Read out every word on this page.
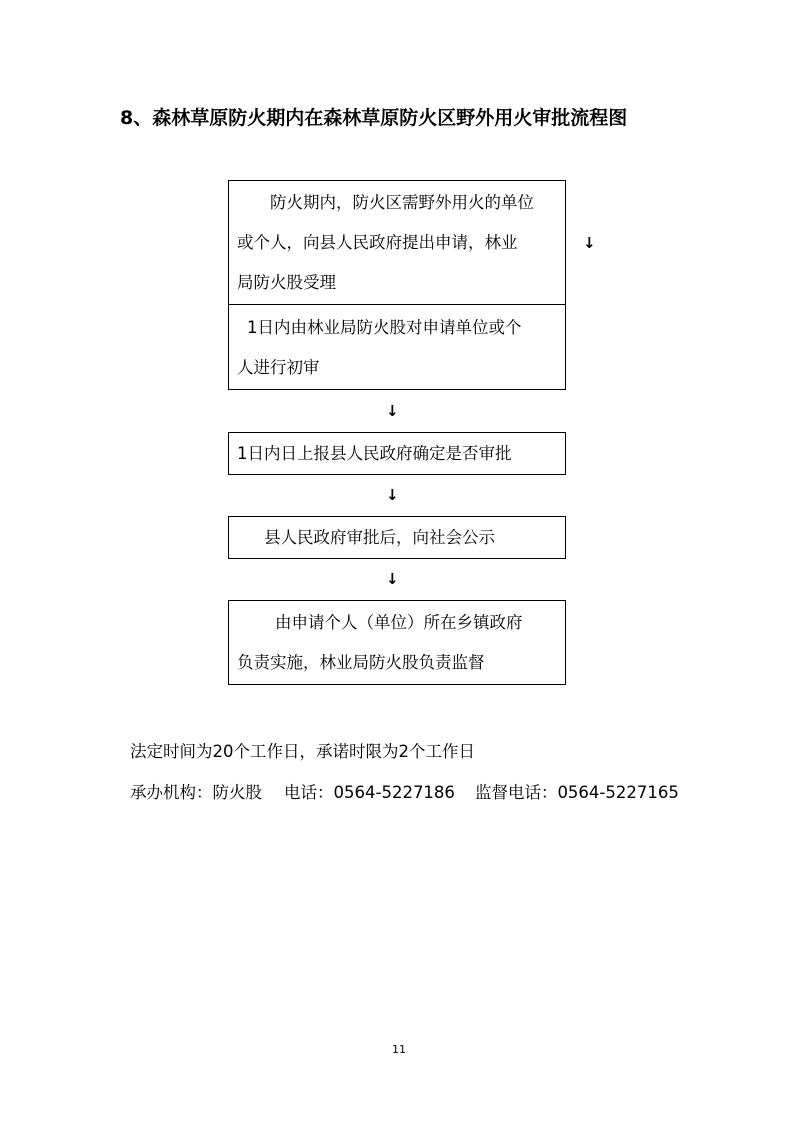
8、森林草原防火期内在森林草原防火区野外用火审批流程图

防火期内，防火区需野外用火的单位

或个人，向县人民政府提出申请，林业

局防火股受理

↓

1日内由林业局防火股对申请单位或个

人进行初审

↓

1日内日上报县人民政府确定是否审批

↓

县人民政府审批后，向社会公示

↓

由申请个人（单位）所在乡镇政府

负责实施，林业局防火股负责监督

法定时间为20个工作日，承诺时限为2个工作日
承办机构：防火股 电话：0564-5227186 监督电话：0564-5227165
11
